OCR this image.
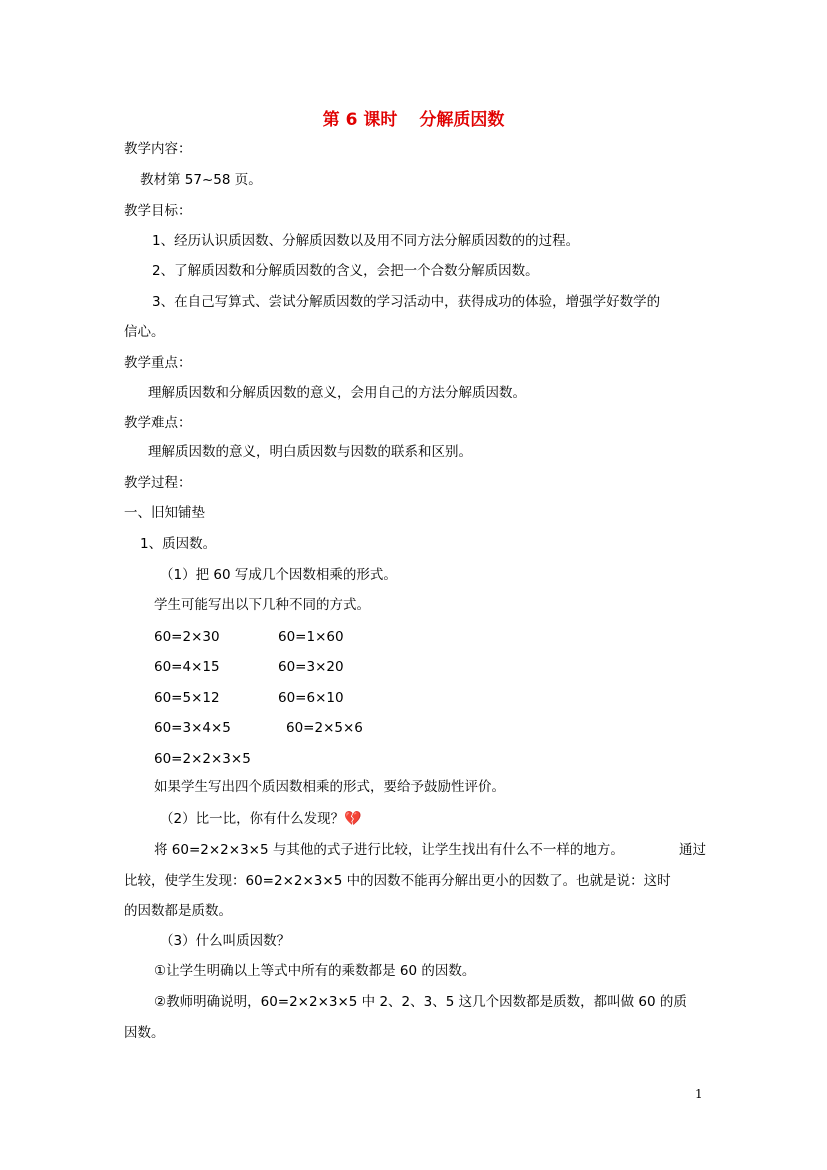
第 6 课时 分解质因数
教学内容：
教材第 57~58 页。
教学目标：
1、经历认识质因数、分解质因数以及用不同方法分解质因数的的过程。
2、了解质因数和分解质因数的含义，会把一个合数分解质因数。
3、在自己写算式、尝试分解质因数的学习活动中，获得成功的体验，增强学好数学的
信心。
教学重点：
理解质因数和分解质因数的意义，会用自己的方法分解质因数。
教学难点：
理解质因数的意义，明白质因数与因数的联系和区别。
教学过程：
一、旧知铺垫
1、质因数。
（1）把 60 写成几个因数相乘的形式。
学生可能写出以下几种不同的方式。
60=2×30	60=1×60
60=4×15	60=3×20
60=5×12	60=6×10
60=3×4×5	60=2×5×6
60=2×2×3×5
如果学生写出四个质因数相乘的形式，要给予鼓励性评价。
（2）比一比，你有什么发现？💔
将 60=2×2×3×5 与其他的式子进行比较，让学生找出有什么不一样的地方。	通过
比较，使学生发现：60=2×2×3×5 中的因数不能再分解出更小的因数了。也就是说：这时
的因数都是质数。
（3）什么叫质因数？
①让学生明确以上等式中所有的乘数都是 60 的因数。
②教师明确说明，60=2×2×3×5 中 2、2、3、5 这几个因数都是质数，都叫做 60 的质
因数。
1
